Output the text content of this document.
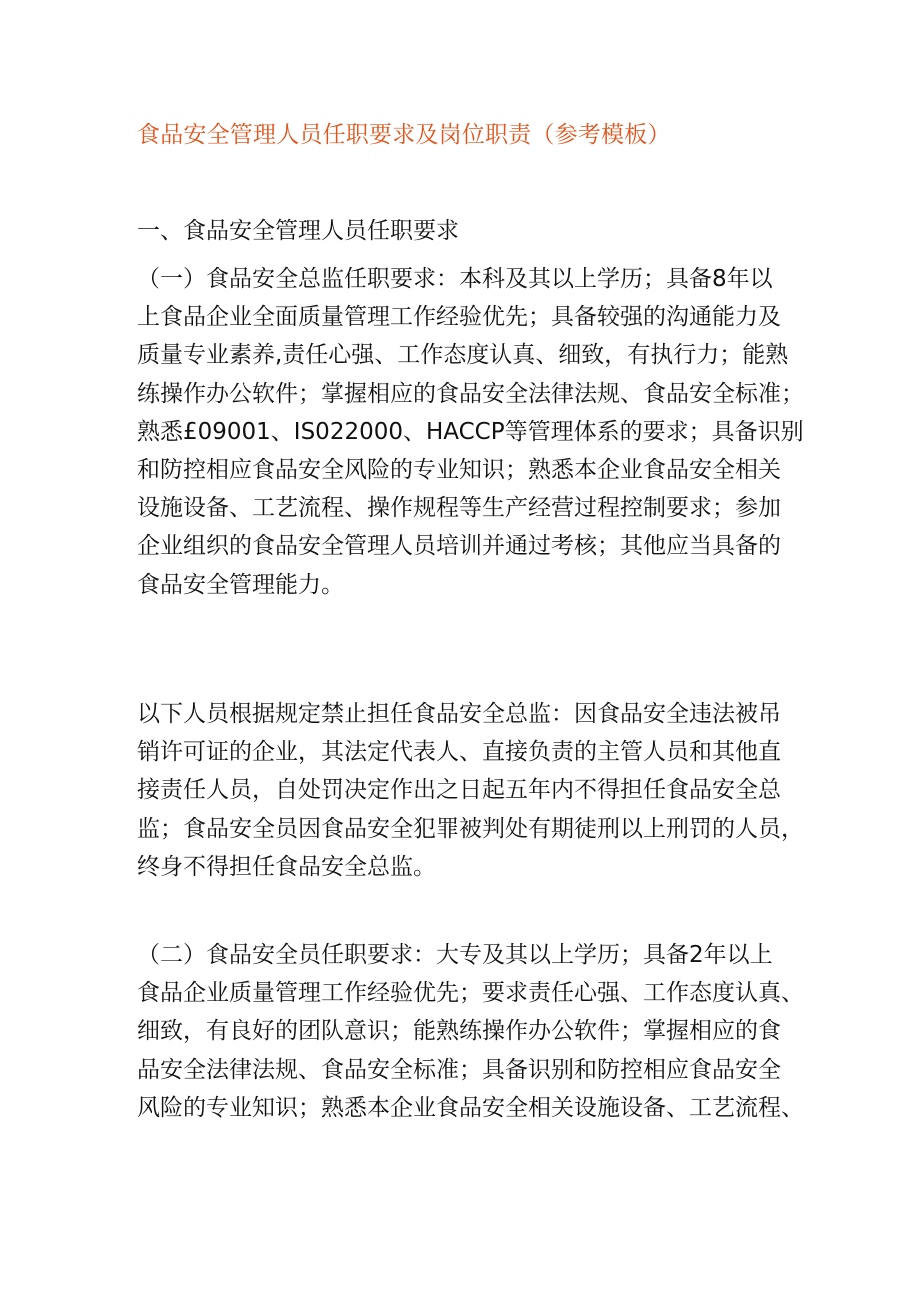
食品安全管理人员任职要求及岗位职责（参考模板）
一、食品安全管理人员任职要求
（一）食品安全总监任职要求：本科及其以上学历；具备8年以
上食品企业全面质量管理工作经验优先；具备较强的沟通能力及
质量专业素养,责任心强、工作态度认真、细致，有执行力；能熟
练操作办公软件；掌握相应的食品安全法律法规、食品安全标准；
熟悉£09001、IS022000、HACCP等管理体系的要求；具备识别
和防控相应食品安全风险的专业知识；熟悉本企业食品安全相关
设施设备、工艺流程、操作规程等生产经营过程控制要求；参加
企业组织的食品安全管理人员培训并通过考核；其他应当具备的
食品安全管理能力。
以下人员根据规定禁止担任食品安全总监：因食品安全违法被吊
销许可证的企业，其法定代表人、直接负责的主管人员和其他直
接责任人员，自处罚决定作出之日起五年内不得担任食品安全总
监；食品安全员因食品安全犯罪被判处有期徒刑以上刑罚的人员，
终身不得担任食品安全总监。
（二）食品安全员任职要求：大专及其以上学历；具备2年以上
食品企业质量管理工作经验优先；要求责任心强、工作态度认真、
细致，有良好的团队意识；能熟练操作办公软件；掌握相应的食
品安全法律法规、食品安全标准；具备识别和防控相应食品安全
风险的专业知识；熟悉本企业食品安全相关设施设备、工艺流程、
